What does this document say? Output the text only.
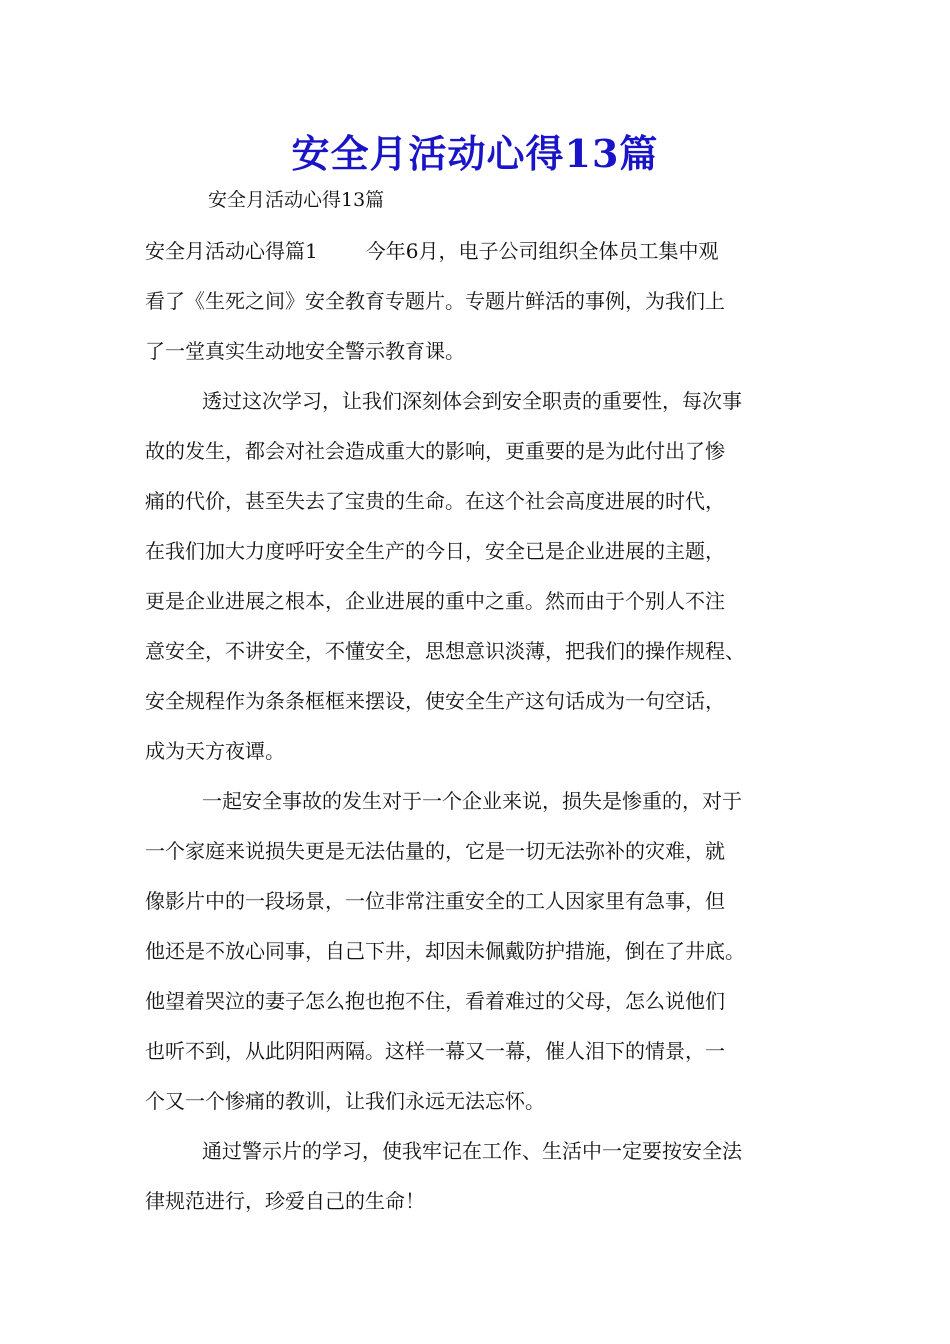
安全月活动心得13篇
安全月活动心得13篇
安全月活动心得篇1 今年6月，电子公司组织全体员工集中观
看了《生死之间》安全教育专题片。专题片鲜活的事例，为我们上
了一堂真实生动地安全警示教育课。
透过这次学习，让我们深刻体会到安全职责的重要性，每次事
故的发生，都会对社会造成重大的影响，更重要的是为此付出了惨
痛的代价，甚至失去了宝贵的生命。在这个社会高度进展的时代，
在我们加大力度呼吁安全生产的今日，安全已是企业进展的主题，
更是企业进展之根本，企业进展的重中之重。然而由于个别人不注
意安全，不讲安全，不懂安全，思想意识淡薄，把我们的操作规程、
安全规程作为条条框框来摆设，使安全生产这句话成为一句空话，
成为天方夜谭。
一起安全事故的发生对于一个企业来说，损失是惨重的，对于
一个家庭来说损失更是无法估量的，它是一切无法弥补的灾难，就
像影片中的一段场景，一位非常注重安全的工人因家里有急事，但
他还是不放心同事，自己下井，却因未佩戴防护措施，倒在了井底。
他望着哭泣的妻子怎么抱也抱不住，看着难过的父母，怎么说他们
也听不到，从此阴阳两隔。这样一幕又一幕，催人泪下的情景，一
个又一个惨痛的教训，让我们永远无法忘怀。
通过警示片的学习，使我牢记在工作、生活中一定要按安全法
律规范进行，珍爱自己的生命！
